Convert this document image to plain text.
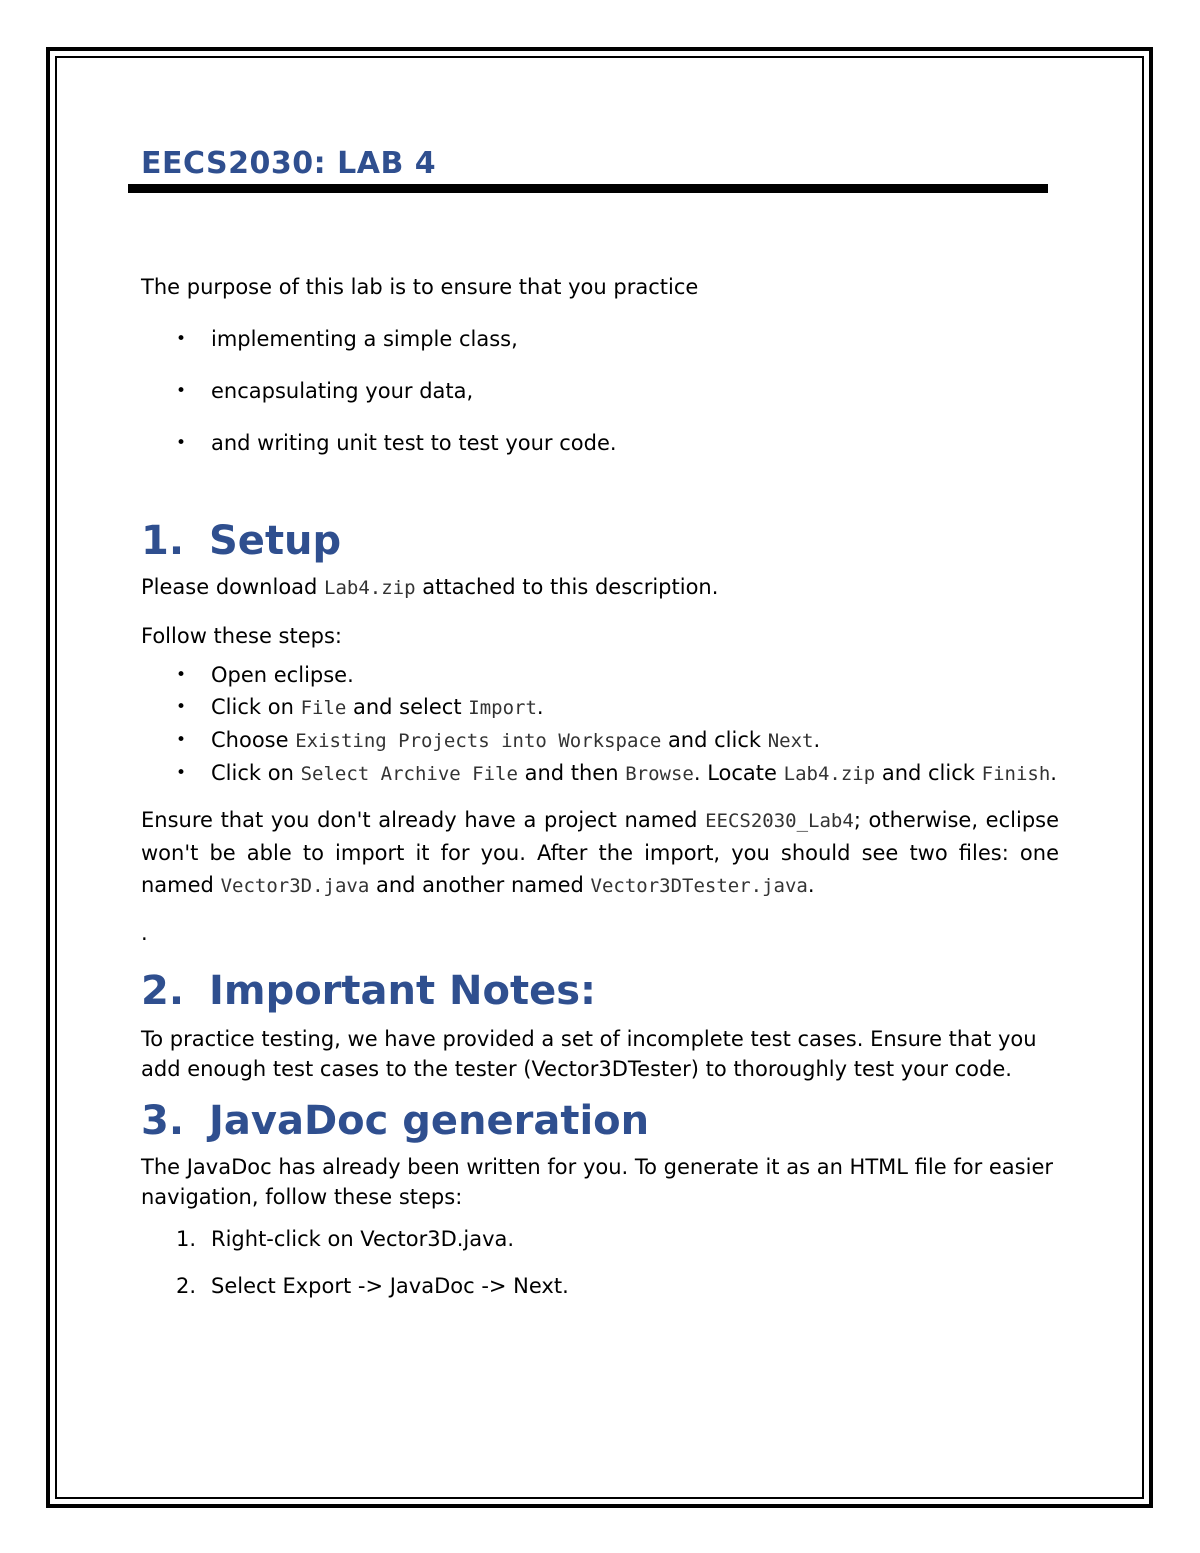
EECS2030: LAB 4

The purpose of this lab is to ensure that you practice

• implementing a simple class,
• encapsulating your data,
• and writing unit test to test your code.
1. Setup

Please download Lab4.zip attached to this description.

Follow these steps:

• Open eclipse.
• Click on File and select Import.
• Choose Existing Projects into Workspace and click Next.
• Click on Select Archive File and then Browse. Locate Lab4.zip and click Finish.

Ensure that you don't already have a project named EECS2030_Lab4; otherwise, eclipse won't be able to import it for you. After the import, you should see two files: one named Vector3D.java and another named Vector3DTester.java.

.

2. Important Notes:

To practice testing, we have provided a set of incomplete test cases. Ensure that you add enough test cases to the tester (Vector3DTester) to thoroughly test your code.

3. JavaDoc generation

The JavaDoc has already been written for you. To generate it as an HTML file for easier navigation, follow these steps:

1. Right-click on Vector3D.java.
2. Select Export -> JavaDoc -> Next.
